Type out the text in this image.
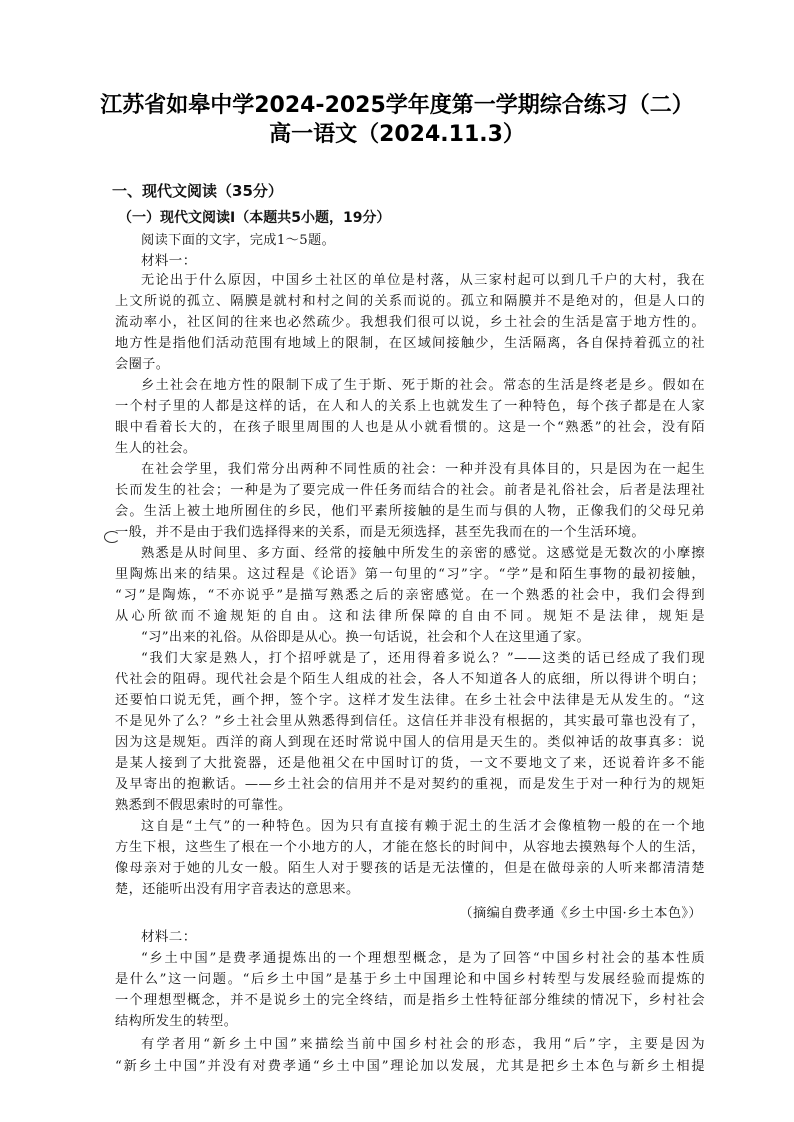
江苏省如皋中学2024-2025学年度第一学期综合练习（二）
高一语文（2024.11.3）
一、现代文阅读（35分）
（一）现代文阅读Ⅰ（本题共5小题，19分）
阅读下面的文字，完成1～5题。
材料一：
无论出于什么原因，中国乡土社区的单位是村落，从三家村起可以到几千户的大村，我在
上文所说的孤立、隔膜是就村和村之间的关系而说的。孤立和隔膜并不是绝对的，但是人口的
流动率小，社区间的往来也必然疏少。我想我们很可以说，乡土社会的生活是富于地方性的。
地方性是指他们活动范围有地域上的限制，在区域间接触少，生活隔离，各自保持着孤立的社
会圈子。
乡土社会在地方性的限制下成了生于斯、死于斯的社会。常态的生活是终老是乡。假如在
一个村子里的人都是这样的话，在人和人的关系上也就发生了一种特色，每个孩子都是在人家
眼中看着长大的，在孩子眼里周围的人也是从小就看惯的。这是一个“熟悉”的社会，没有陌
生人的社会。
在社会学里，我们常分出两种不同性质的社会：一种并没有具体目的，只是因为在一起生
长而发生的社会；一种是为了要完成一件任务而结合的社会。前者是礼俗社会，后者是法理社
会。生活上被土地所囿住的乡民，他们平素所接触的是生而与俱的人物，正像我们的父母兄弟
一般，并不是由于我们选择得来的关系，而是无须选择，甚至先我而在的一个生活环境。
熟悉是从时间里、多方面、经常的接触中所发生的亲密的感觉。这感觉是无数次的小摩擦
里陶炼出来的结果。这过程是《论语》第一句里的“习”字。“学”是和陌生事物的最初接触，
“习”是陶炼，“不亦说乎”是描写熟悉之后的亲密感觉。在一个熟悉的社会中，我们会得到
从心所欲而不逾规矩的自由。这和法律所保障的自由不同。规矩不是法律，规矩是
“习”出来的礼俗。从俗即是从心。换一句话说，社会和个人在这里通了家。
“我们大家是熟人，打个招呼就是了，还用得着多说么？”——这类的话已经成了我们现
代社会的阻碍。现代社会是个陌生人组成的社会，各人不知道各人的底细，所以得讲个明白；
还要怕口说无凭，画个押，签个字。这样才发生法律。在乡土社会中法律是无从发生的。“这
不是见外了么？”乡土社会里从熟悉得到信任。这信任并非没有根据的，其实最可靠也没有了，
因为这是规矩。西洋的商人到现在还时常说中国人的信用是天生的。类似神话的故事真多：说
是某人接到了大批瓷器，还是他祖父在中国时订的货，一文不要地文了来，还说着许多不能
及早寄出的抱歉话。——乡土社会的信用并不是对契约的重视，而是发生于对一种行为的规矩
熟悉到不假思索时的可靠性。
这自是“土气”的一种特色。因为只有直接有赖于泥土的生活才会像植物一般的在一个地
方生下根，这些生了根在一个小地方的人，才能在悠长的时间中，从容地去摸熟每个人的生活，
像母亲对于她的儿女一般。陌生人对于婴孩的话是无法懂的，但是在做母亲的人听来都清清楚
楚，还能听出没有用字音表达的意思来。
（摘编自费孝通《乡土中国·乡土本色》）
材料二：
“乡土中国”是费孝通提炼出的一个理想型概念，是为了回答“中国乡村社会的基本性质
是什么”这一问题。“后乡土中国”是基于乡土中国理论和中国乡村转型与发展经验而提炼的
一个理想型概念，并不是说乡土的完全终结，而是指乡土性特征部分维续的情况下，乡村社会
结构所发生的转型。
有学者用“新乡土中国”来描绘当前中国乡村社会的形态，我用“后”字，主要是因为
“新乡土中国”并没有对费孝通“乡土中国”理论加以发展，尤其是把乡土本色与新乡土相提
